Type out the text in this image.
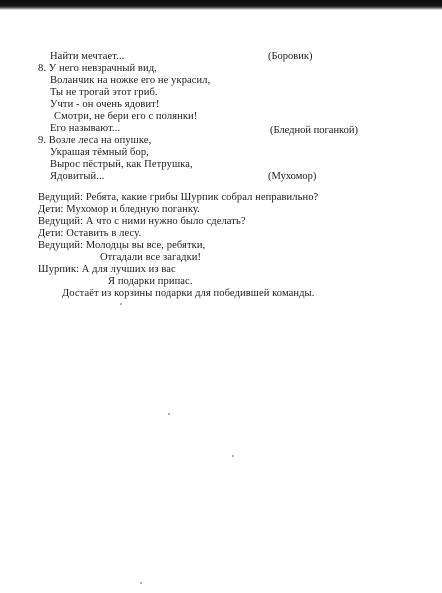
Найти мечтает...	(Боровик)
8. У него невзрачный вид,
Воланчик на ножке его не украсил,
Ты не трогай этот гриб.
Учти - он очень ядовит!
Смотри, не бери его с полянки!
Его называют...	(Бледной поганкой)
9. Возле леса на опушке,
Украшая тёмный бор,
Вырос пёстрый, как Петрушка,
Ядовитый...	(Мухомор)
Ведущий: Ребята, какие грибы Шурпик собрал неправильно?
Дети: Мухомор и бледную поганку.
Ведущий: А что с ними нужно было сделать?
Дети: Оставить в лесу.
Ведущий: Молодцы вы все, ребятки,
Отгадали все загадки!
Шурпик: А для лучших из вас
Я подарки припас.
Достаёт из корзины подарки для победившей команды.
